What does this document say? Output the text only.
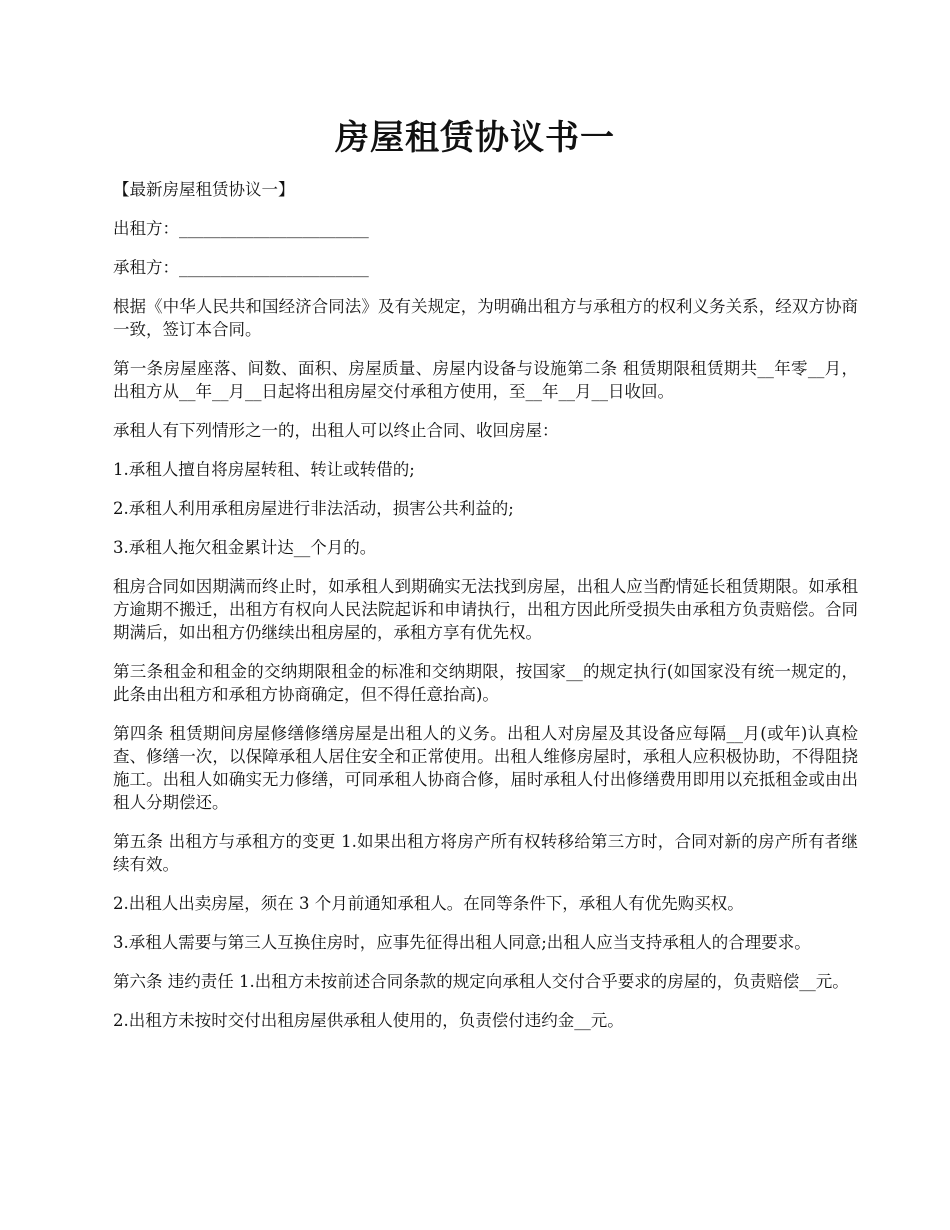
房屋租赁协议书一

【最新房屋租赁协议一】

出租方：_______________________

承租方：_______________________

根据《中华人民共和国经济合同法》及有关规定，为明确出租方与承租方的权利义务关系，经双方协商一致，签订本合同。

第一条房屋座落、间数、面积、房屋质量、房屋内设备与设施第二条 租赁期限租赁期共__年零__月，出租方从__年__月__日起将出租房屋交付承租方使用，至__年__月__日收回。

承租人有下列情形之一的，出租人可以终止合同、收回房屋：

1.承租人擅自将房屋转租、转让或转借的;

2.承租人利用承租房屋进行非法活动，损害公共利益的;

3.承租人拖欠租金累计达__个月的。

租房合同如因期满而终止时，如承租人到期确实无法找到房屋，出租人应当酌情延长租赁期限。如承租方逾期不搬迁，出租方有权向人民法院起诉和申请执行，出租方因此所受损失由承租方负责赔偿。合同期满后，如出租方仍继续出租房屋的，承租方享有优先权。

第三条租金和租金的交纳期限租金的标准和交纳期限，按国家__的规定执行(如国家没有统一规定的，此条由出租方和承租方协商确定，但不得任意抬高)。

第四条 租赁期间房屋修缮修缮房屋是出租人的义务。出租人对房屋及其设备应每隔__月(或年)认真检查、修缮一次，以保障承租人居住安全和正常使用。出租人维修房屋时，承租人应积极协助，不得阻挠施工。出租人如确实无力修缮，可同承租人协商合修，届时承租人付出修缮费用即用以充抵租金或由出租人分期偿还。

第五条 出租方与承租方的变更 1.如果出租方将房产所有权转移给第三方时，合同对新的房产所有者继续有效。

2.出租人出卖房屋，须在 3 个月前通知承租人。在同等条件下，承租人有优先购买权。

3.承租人需要与第三人互换住房时，应事先征得出租人同意;出租人应当支持承租人的合理要求。

第六条 违约责任 1.出租方未按前述合同条款的规定向承租人交付合乎要求的房屋的，负责赔偿__元。

2.出租方未按时交付出租房屋供承租人使用的，负责偿付违约金__元。
